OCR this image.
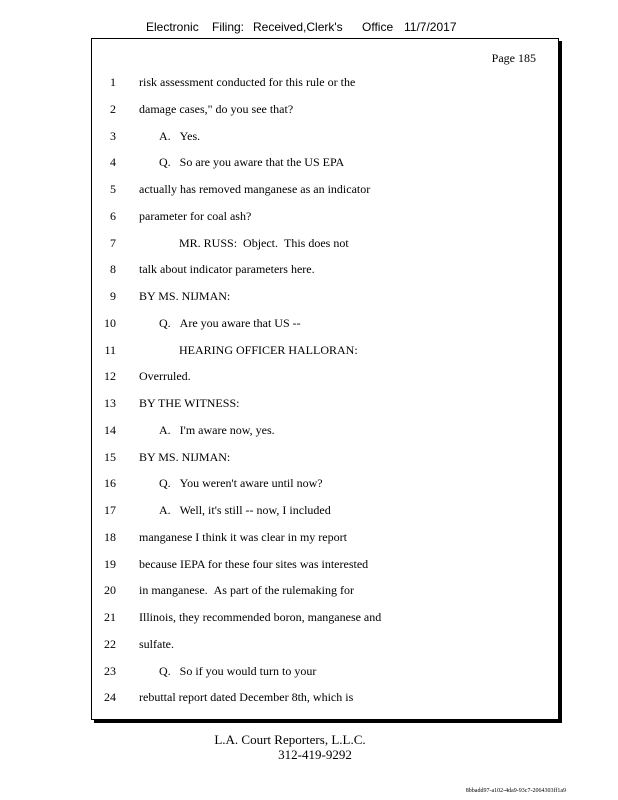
Electronic Filing: Received,Clerk's Office 11/7/2017
Page 185
1 risk assessment conducted for this rule or the
2 damage cases," do you see that?
3	A.   Yes.
4	Q.   So are you aware that the US EPA
5 actually has removed manganese as an indicator
6 parameter for coal ash?
7	MR. RUSS:  Object.  This does not
8 talk about indicator parameters here.
9 BY MS. NIJMAN:
10	Q.   Are you aware that US --
11	HEARING OFFICER HALLORAN:
12 Overruled.
13 BY THE WITNESS:
14	A.   I'm aware now, yes.
15 BY MS. NIJMAN:
16	Q.   You weren't aware until now?
17	A.   Well, it's still -- now, I included
18 manganese I think it was clear in my report
19 because IEPA for these four sites was interested
20 in manganese.  As part of the rulemaking for
21 Illinois, they recommended boron, manganese and
22 sulfate.
23	Q.   So if you would turn to your
24 rebuttal report dated December 8th, which is
L.A. Court Reporters, L.L.C.
312-419-9292
8bbadd97-a102-4da9-93c7-2064303ff1a9
